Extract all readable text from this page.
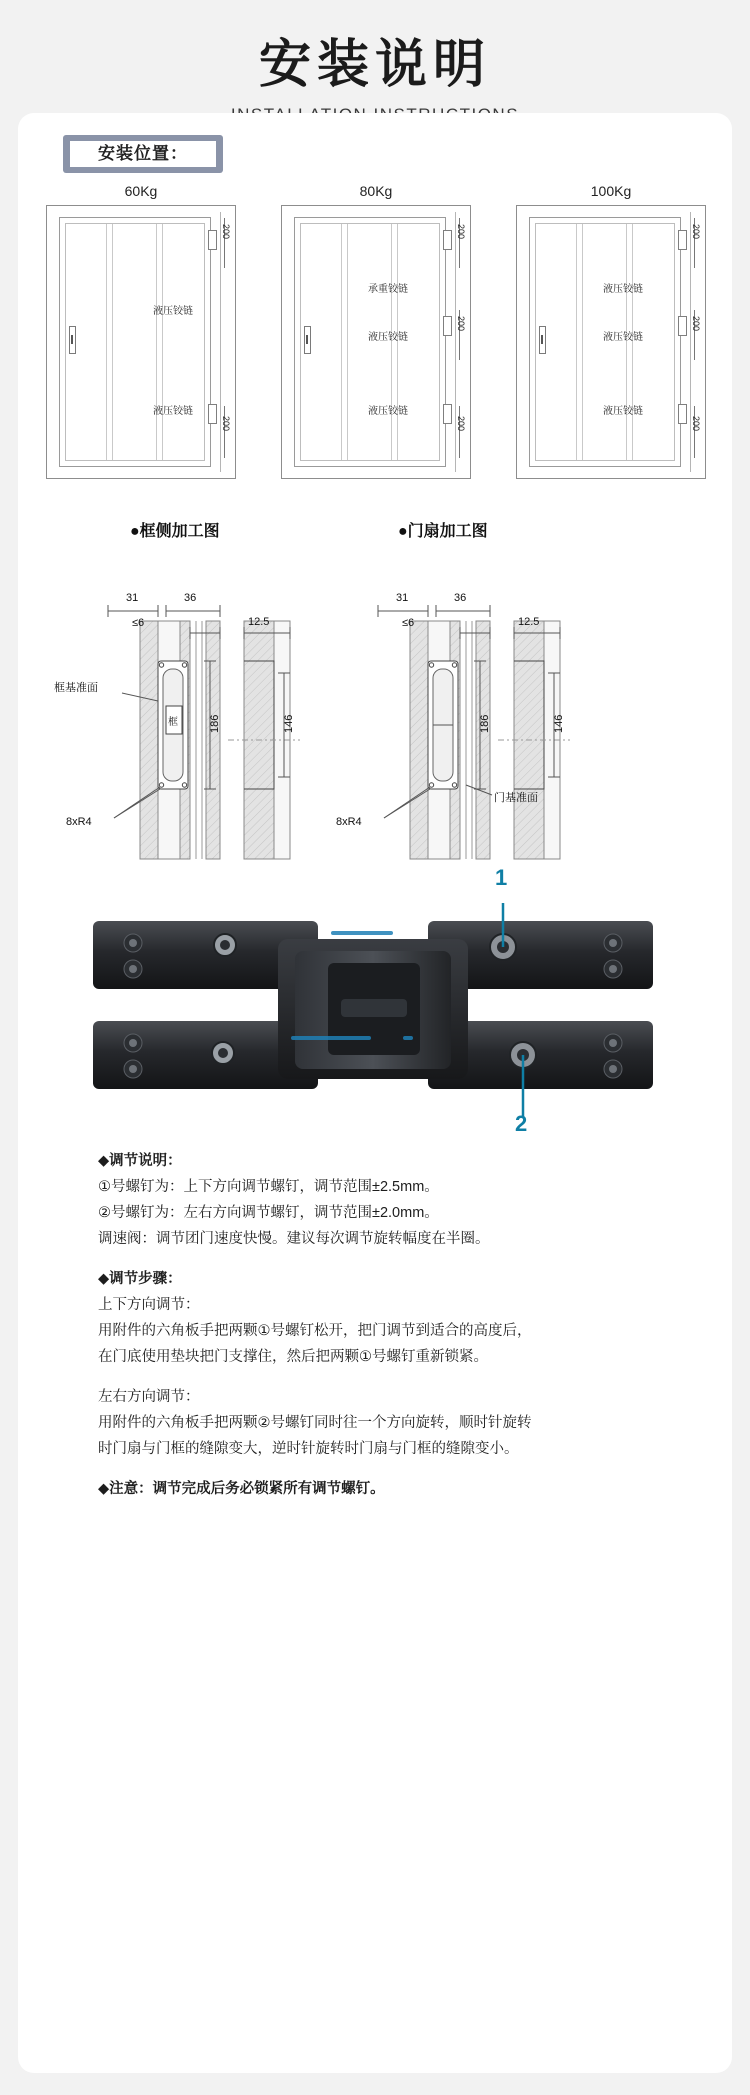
安装说明
安装位置：
60Kg
液压铰链
液压铰链
200
200
80Kg
承重铰链
液压铰链
液压铰链
200
200
200
100Kg
液压铰链
液压铰链
液压铰链
200
200
200
●框侧加工图	●门扇加工图
31	36
≤6	12.5
186	146
框基准面
框
8xR4
31	36
≤6	12.5
186	146
门基准面
8xR4
1
2

◆调节说明：

①号螺钉为：上下方向调节螺钉，调节范围±2.5mm。

②号螺钉为：左右方向调节螺钉，调节范围±2.0mm。

调速阀：调节团门速度快慢。建议每次调节旋转幅度在半圈。

◆调节步骤：

上下方向调节：

用附件的六角板手把两颗①号螺钉松开，把门调节到适合的高度后，

在门底使用垫块把门支撑住，然后把两颗①号螺钉重新锁紧。

左右方向调节：

用附件的六角板手把两颗②号螺钉同时往一个方向旋转，顺时针旋转

时门扇与门框的缝隙变大，逆时针旋转时门扇与门框的缝隙变小。

◆注意：调节完成后务必锁紧所有调节螺钉。
